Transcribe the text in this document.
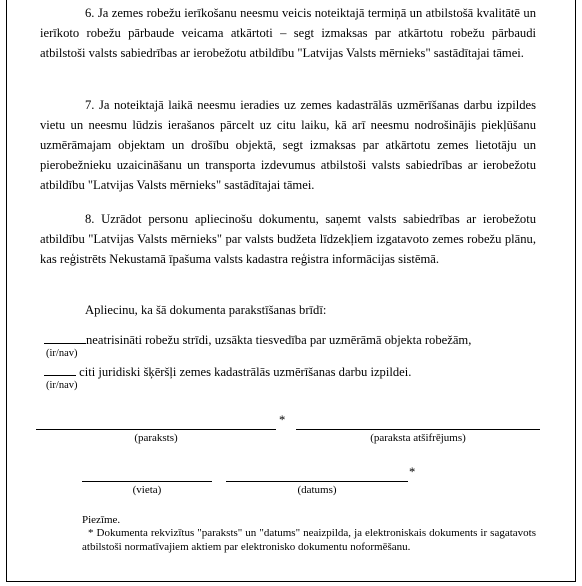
6. Ja zemes robežu ierīkošanu neesmu veicis noteiktajā termiņā un atbilstošā kvalitātē un ierīkoto robežu pārbaude veicama atkārtoti – segt izmaksas par atkārtotu robežu pārbaudi atbilstoši valsts sabiedrības ar ierobežotu atbildību "Latvijas Valsts mērnieks" sastādītajai tāmei.

7. Ja noteiktajā laikā neesmu ieradies uz zemes kadastrālās uzmērīšanas darbu izpildes vietu un neesmu lūdzis ierašanos pārcelt uz citu laiku, kā arī neesmu nodrošinājis piekļūšanu uzmērāmajam objektam un drošību objektā, segt izmaksas par atkārtotu zemes lietotāju un pierobežnieku uzaicināšanu un transporta izdevumus atbilstoši valsts sabiedrības ar ierobežotu atbildību "Latvijas Valsts mērnieks" sastādītajai tāmei.

8. Uzrādot personu apliecinošu dokumentu, saņemt valsts sabiedrības ar ierobežotu atbildību "Latvijas Valsts mērnieks" par valsts budžeta līdzekļiem izgatavoto zemes robežu plānu, kas reģistrēts Nekustamā īpašuma valsts kadastra reģistra informācijas sistēmā.

Apliecinu, ka šā dokumenta parakstīšanas brīdī:

neatrisināti robežu strīdi, uzsākta tiesvedība par uzmērāmā objekta robežām,
(ir/nav)
citi juridiski šķēršļi zemes kadastrālās uzmērīšanas darbu izpildei.
(ir/nav)
*
(paraksts)	(paraksta atšifrējums)
*
(vieta)	(datums)
Piezīme.

* Dokumenta rekvizītus "paraksts" un "datums" neaizpilda, ja elektroniskais dokuments ir sagatavots atbilstoši normatīvajiem aktiem par elektronisko dokumentu noformēšanu.
